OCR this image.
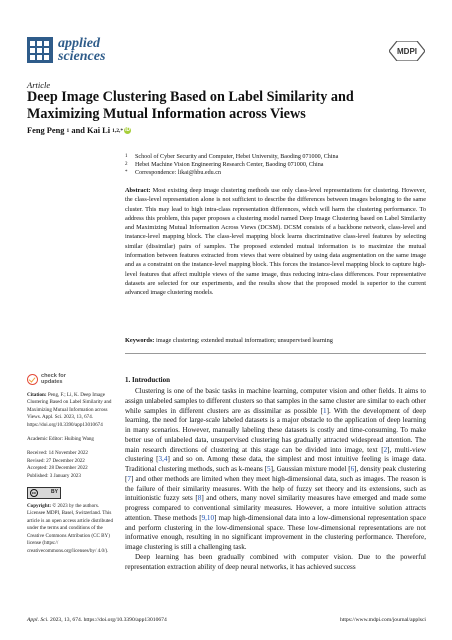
applied
sciences	MDPI
Article
Deep Image Clustering Based on Label Similarity and Maximizing Mutual Information across Views
Feng Peng
1
and
Kai Li
1,2,* iD
1	School of Cyber Security and Computer, Hebei University, Baoding 071000, China
2	Hebei Machine Vision Engineering Research Center, Baoding 071000, China
*	Correspondence: likai@hbu.edu.cn
Abstract: Most existing deep image clustering methods use only class-level representations for clustering. However, the class-level representation alone is not sufficient to describe the differences between images belonging to the same cluster. This may lead to high intra-class representation differences, which will harm the clustering performance. To address this problem, this paper proposes a clustering model named Deep Image Clustering based on Label Similarity and Maximizing Mutual Information Across Views (DCSM). DCSM consists of a backbone network, class-level and instance-level mapping block. The class-level mapping block learns discriminative class-level features by selecting similar (dissimilar) pairs of samples. The proposed extended mutual information is to maximize the mutual information between features extracted from views that were obtained by using data augmentation on the same image and as a constraint on the instance-level mapping block. This forces the instance-level mapping block to capture high-level features that affect multiple views of the same image, thus reducing intra-class differences. Four representative datasets are selected for our experiments, and the results show that the proposed model is superior to the current advanced image clustering models.
Keywords: image clustering; extended mutual information; unsupervised learning
check for
updates
Citation: Peng, F.; Li, K. Deep Image Clustering Based on Label Similarity and Maximizing Mutual Information across Views. Appl. Sci. 2023, 13, 674. https://doi.org/10.3390/app13010674
Academic Editor: Huibing Wang
Received: 14 November 2022
Revised: 27 December 2022
Accepted: 28 December 2022
Published: 3 January 2023
cc	BY
Copyright: © 2023 by the authors. Licensee MDPI, Basel, Switzerland. This article is an open access article distributed under the terms and conditions of the Creative Commons Attribution (CC BY) license (https:// creativecommons.org/licenses/by/ 4.0/).
1. Introduction

Clustering is one of the basic tasks in machine learning, computer vision and other fields. It aims to assign unlabeled samples to different clusters so that samples in the same cluster are similar to each other while samples in different clusters are as dissimilar as possible [1]. With the development of deep learning, the need for large-scale labeled datasets is a major obstacle to the application of deep learning in many scenarios. However, manually labeling these datasets is costly and time-consuming. To make better use of unlabeled data, unsupervised clustering has gradually attracted widespread attention. The main research directions of clustering at this stage can be divided into image, text [2], multi-view clustering [3,4] and so on. Among these data, the simplest and most intuitive feeling is image data. Traditional clustering methods, such as k-means [5], Gaussian mixture model [6], density peak clustering [7] and other methods are limited when they meet high-dimensional data, such as images. The reason is the failure of their similarity measures. With the help of fuzzy set theory and its extensions, such as intuitionistic fuzzy sets [8] and others, many novel similarity measures have emerged and made some progress compared to conventional similarity measures. However, a more intuitive solution attracts attention. These methods [9,10] map high-dimensional data into a low-dimensional representation space and perform clustering in the low-dimensional space. These low-dimensional representations are not informative enough, resulting in no significant improvement in the clustering performance. Therefore, image clustering is still a challenging task.

Deep learning has been gradually combined with computer vision. Due to the powerful representation extraction ability of deep neural networks, it has achieved success

Appl. Sci. 2023, 13, 674. https://doi.org/10.3390/app13010674	https://www.mdpi.com/journal/applsci
